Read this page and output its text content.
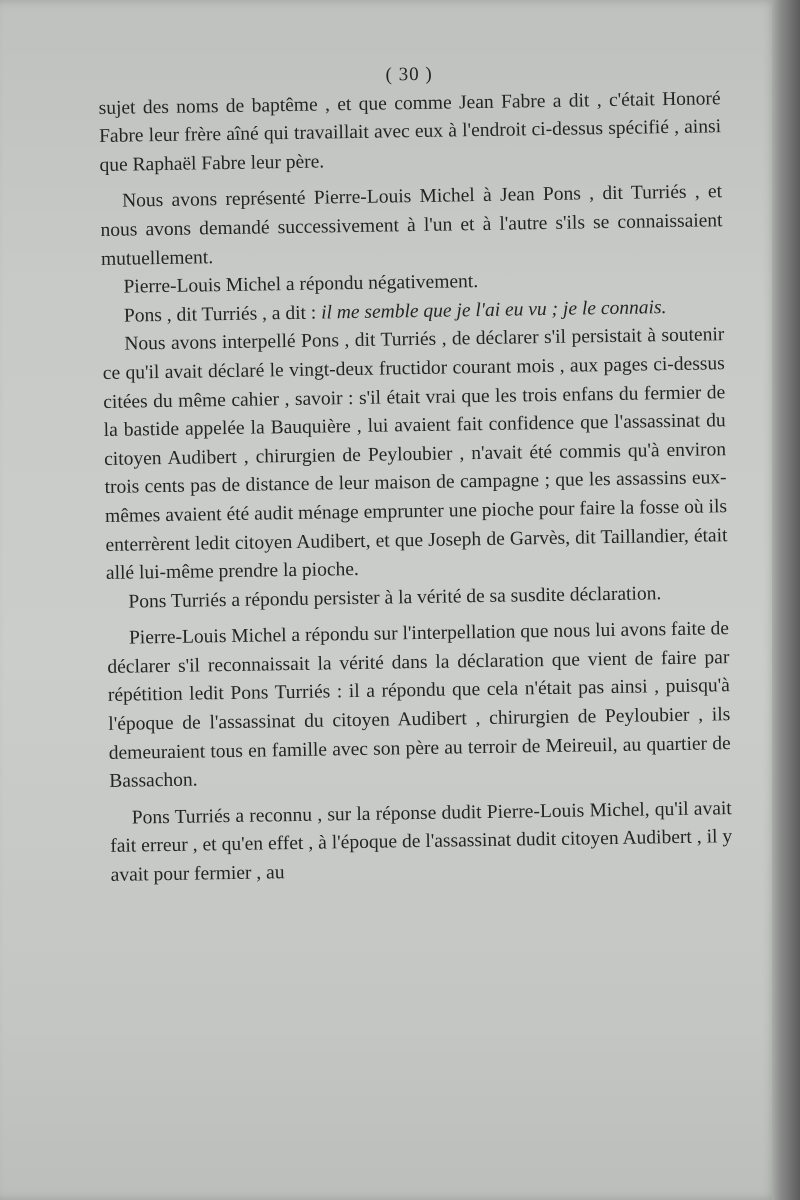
( 30 )

sujet des noms de baptême , et que comme Jean Fabre a dit , c'était Honoré Fabre leur frère aîné qui travaillait avec eux à l'endroit ci-dessus spécifié , ainsi que Raphaël Fabre leur père.

Nous avons représenté Pierre-Louis Michel à Jean Pons , dit Turriés , et nous avons demandé successivement à l'un et à l'autre s'ils se connaissaient mutuellement.

Pierre-Louis Michel a répondu négativement.

Pons , dit Turriés , a dit : il me semble que je l'ai eu vu ; je le connais.

Nous avons interpellé Pons , dit Turriés , de déclarer s'il persistait à soutenir ce qu'il avait déclaré le vingt-deux fructidor courant mois , aux pages ci-dessus citées du même cahier , savoir : s'il était vrai que les trois enfans du fermier de la bastide appelée la Bauquière , lui avaient fait confidence que l'assassinat du citoyen Audibert , chirurgien de Peyloubier , n'avait été commis qu'à environ trois cents pas de distance de leur maison de campagne ; que les assassins eux-mêmes avaient été audit ménage emprunter une pioche pour faire la fosse où ils enterrèrent ledit citoyen Audibert, et que Joseph de Garvès, dit Taillandier, était allé lui-même prendre la pioche.

Pons Turriés a répondu persister à la vérité de sa susdite déclaration.

Pierre-Louis Michel a répondu sur l'interpellation que nous lui avons faite de déclarer s'il reconnaissait la vérité dans la déclaration que vient de faire par répétition ledit Pons Turriés : il a répondu que cela n'était pas ainsi , puisqu'à l'époque de l'assassinat du citoyen Audibert , chirurgien de Peyloubier , ils demeuraient tous en famille avec son père au terroir de Meireuil, au quartier de Bassachon.

Pons Turriés a reconnu , sur la réponse dudit Pierre-Louis Michel, qu'il avait fait erreur , et qu'en effet , à l'époque de l'assassinat dudit citoyen Audibert , il y avait pour fermier , au
